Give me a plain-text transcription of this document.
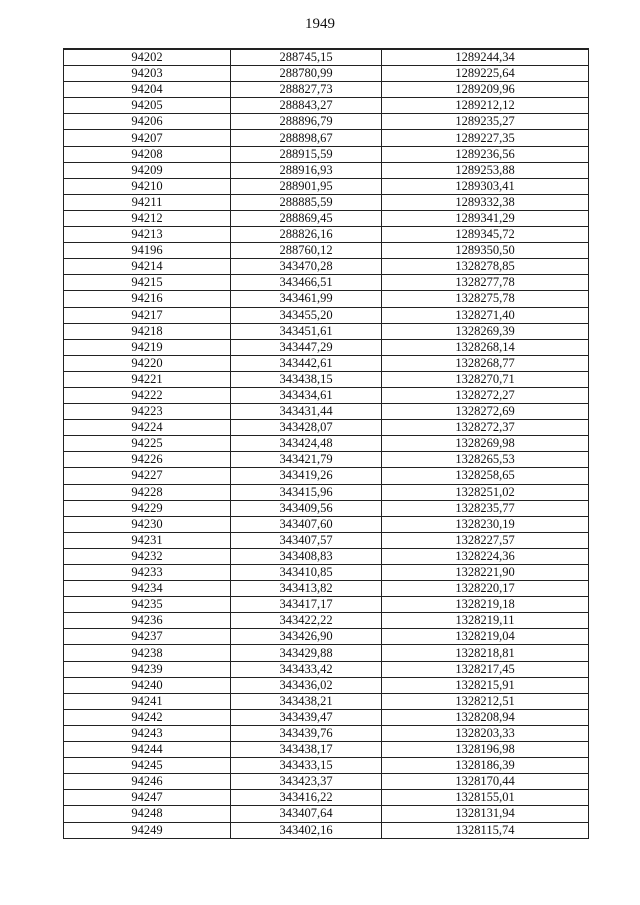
1949
94202	288745,15	1289244,34
94203	288780,99	1289225,64
94204	288827,73	1289209,96
94205	288843,27	1289212,12
94206	288896,79	1289235,27
94207	288898,67	1289227,35
94208	288915,59	1289236,56
94209	288916,93	1289253,88
94210	288901,95	1289303,41
94211	288885,59	1289332,38
94212	288869,45	1289341,29
94213	288826,16	1289345,72
94196	288760,12	1289350,50
94214	343470,28	1328278,85
94215	343466,51	1328277,78
94216	343461,99	1328275,78
94217	343455,20	1328271,40
94218	343451,61	1328269,39
94219	343447,29	1328268,14
94220	343442,61	1328268,77
94221	343438,15	1328270,71
94222	343434,61	1328272,27
94223	343431,44	1328272,69
94224	343428,07	1328272,37
94225	343424,48	1328269,98
94226	343421,79	1328265,53
94227	343419,26	1328258,65
94228	343415,96	1328251,02
94229	343409,56	1328235,77
94230	343407,60	1328230,19
94231	343407,57	1328227,57
94232	343408,83	1328224,36
94233	343410,85	1328221,90
94234	343413,82	1328220,17
94235	343417,17	1328219,18
94236	343422,22	1328219,11
94237	343426,90	1328219,04
94238	343429,88	1328218,81
94239	343433,42	1328217,45
94240	343436,02	1328215,91
94241	343438,21	1328212,51
94242	343439,47	1328208,94
94243	343439,76	1328203,33
94244	343438,17	1328196,98
94245	343433,15	1328186,39
94246	343423,37	1328170,44
94247	343416,22	1328155,01
94248	343407,64	1328131,94
94249	343402,16	1328115,74
